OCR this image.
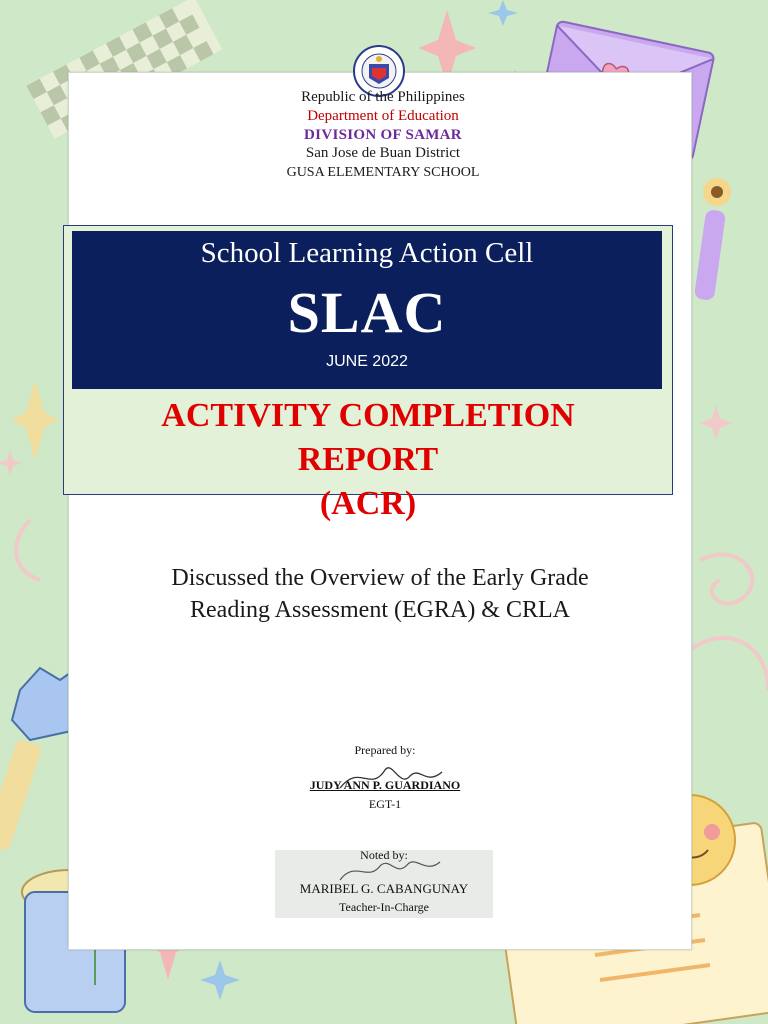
Republic of the Philippines
Department of Education
DIVISION OF SAMAR
San Jose de Buan District
GUSA ELEMENTARY SCHOOL
School Learning Action Cell
SLAC
JUNE 2022
ACTIVITY COMPLETION
REPORT
(ACR)
Discussed the Overview of the Early Grade
Reading Assessment (EGRA) & CRLA
Prepared by:
JUDY ANN P. GUARDIANO
EGT-1
Noted by:
MARIBEL G. CABANGUNAY
Teacher-In-Charge
